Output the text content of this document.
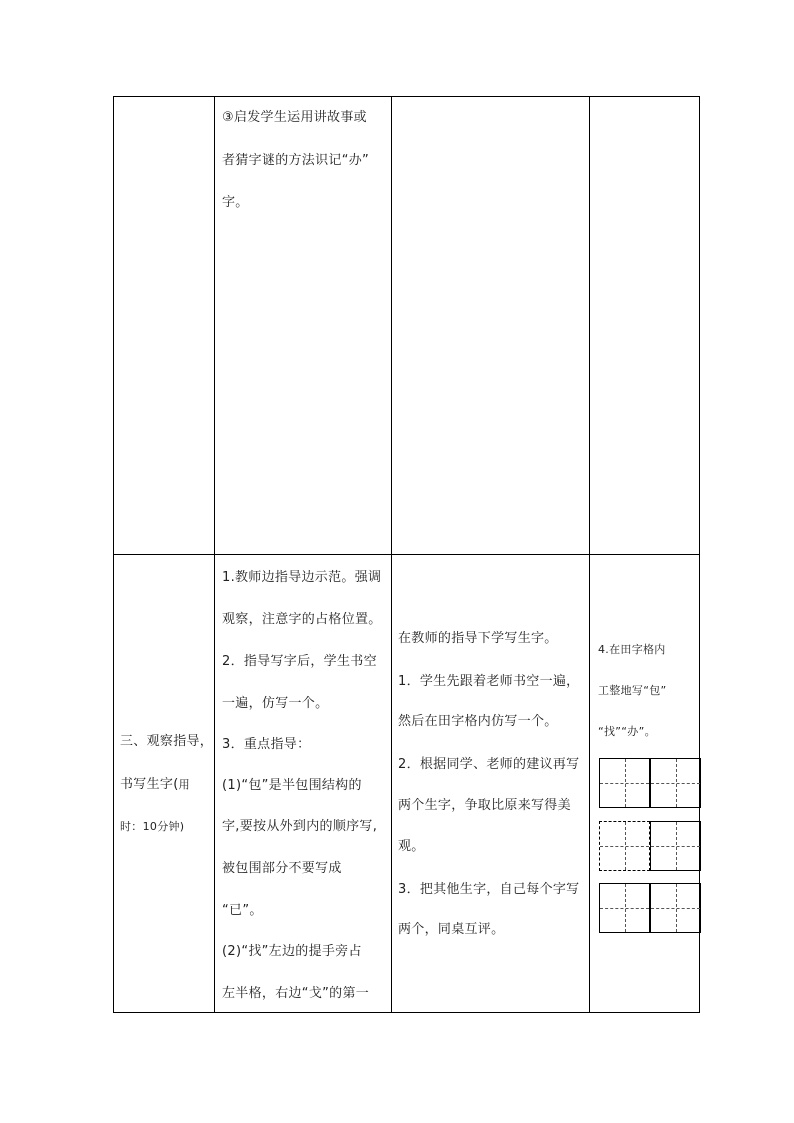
③启发学生运用讲故事或
者猜字谜的方法识记“办”
字。
三、观察指导，
书写生字(用
时：10分钟)
1.教师边指导边示范。强调
观察，注意字的占格位置。
2．指导写字后，学生书空
一遍，仿写一个。
3．重点指导：
(1)“包”是半包围结构的
字,要按从外到内的顺序写,
被包围部分不要写成
“已”。
(2)“找”左边的提手旁占
左半格，右边“戈”的第一
在教师的指导下学写生字。
1．学生先跟着老师书空一遍，
然后在田字格内仿写一个。
2．根据同学、老师的建议再写
两个生字，争取比原来写得美
观。
3．把其他生字，自己每个字写
两个，同桌互评。
4.在田字格内
工整地写“包”
“找”“办”。
